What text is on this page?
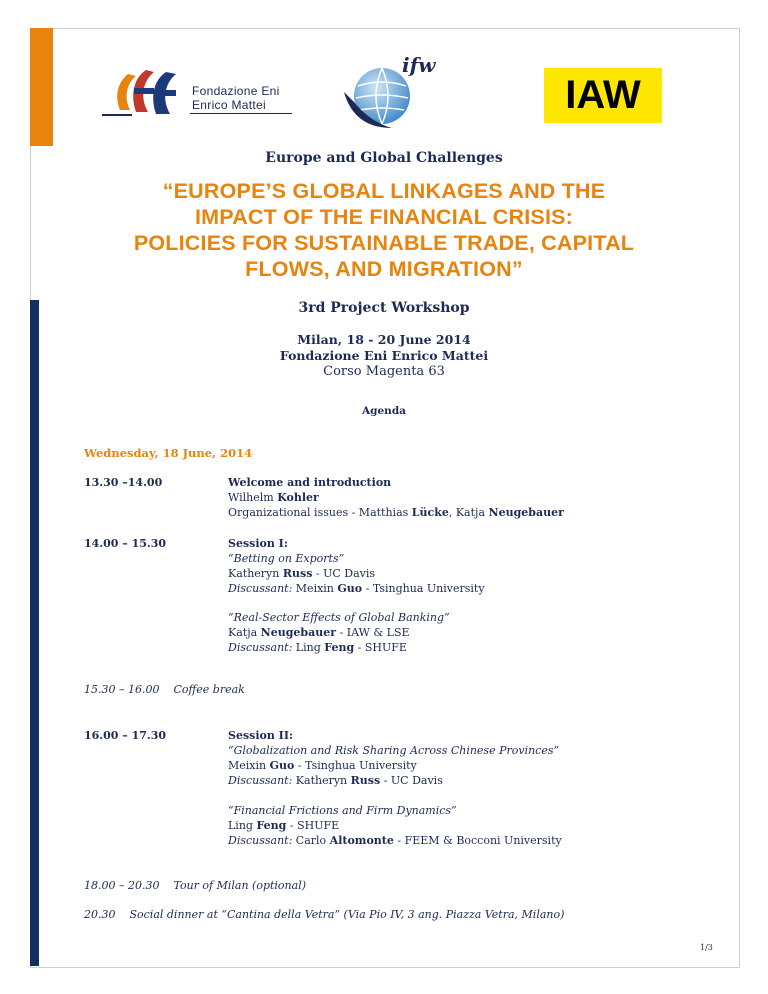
Fondazione Eni
Enrico Mattei
ifw
IAW
Europe and Global Challenges
“EUROPE’S GLOBAL LINKAGES AND THE
IMPACT OF THE FINANCIAL CRISIS:
POLICIES FOR SUSTAINABLE TRADE, CAPITAL
FLOWS, AND MIGRATION”
3rd Project Workshop
Milan, 18 - 20 June 2014
Fondazione Eni Enrico Mattei
Corso Magenta 63
Agenda
Wednesday, 18 June, 2014
13.30 –14.00	Welcome and introduction
Wilhelm Kohler
Organizational issues - Matthias Lücke, Katja Neugebauer
14.00 – 15.30	Session I:
“Betting on Exports”
Katheryn Russ - UC Davis
Discussant: Meixin Guo - Tsinghua University
“Real-Sector Effects of Global Banking”
Katja Neugebauer - IAW & LSE
Discussant: Ling Feng - SHUFE
15.30 – 16.00    Coffee break
16.00 – 17.30	Session II:
“Globalization and Risk Sharing Across Chinese Provinces”
Meixin Guo - Tsinghua University
Discussant: Katheryn Russ - UC Davis
“Financial Frictions and Firm Dynamics”
Ling Feng - SHUFE
Discussant: Carlo Altomonte - FEEM & Bocconi University
18.00 – 20.30    Tour of Milan (optional)
20.30    Social dinner at “Cantina della Vetra” (Via Pio IV, 3 ang. Piazza Vetra, Milano)
1/3
